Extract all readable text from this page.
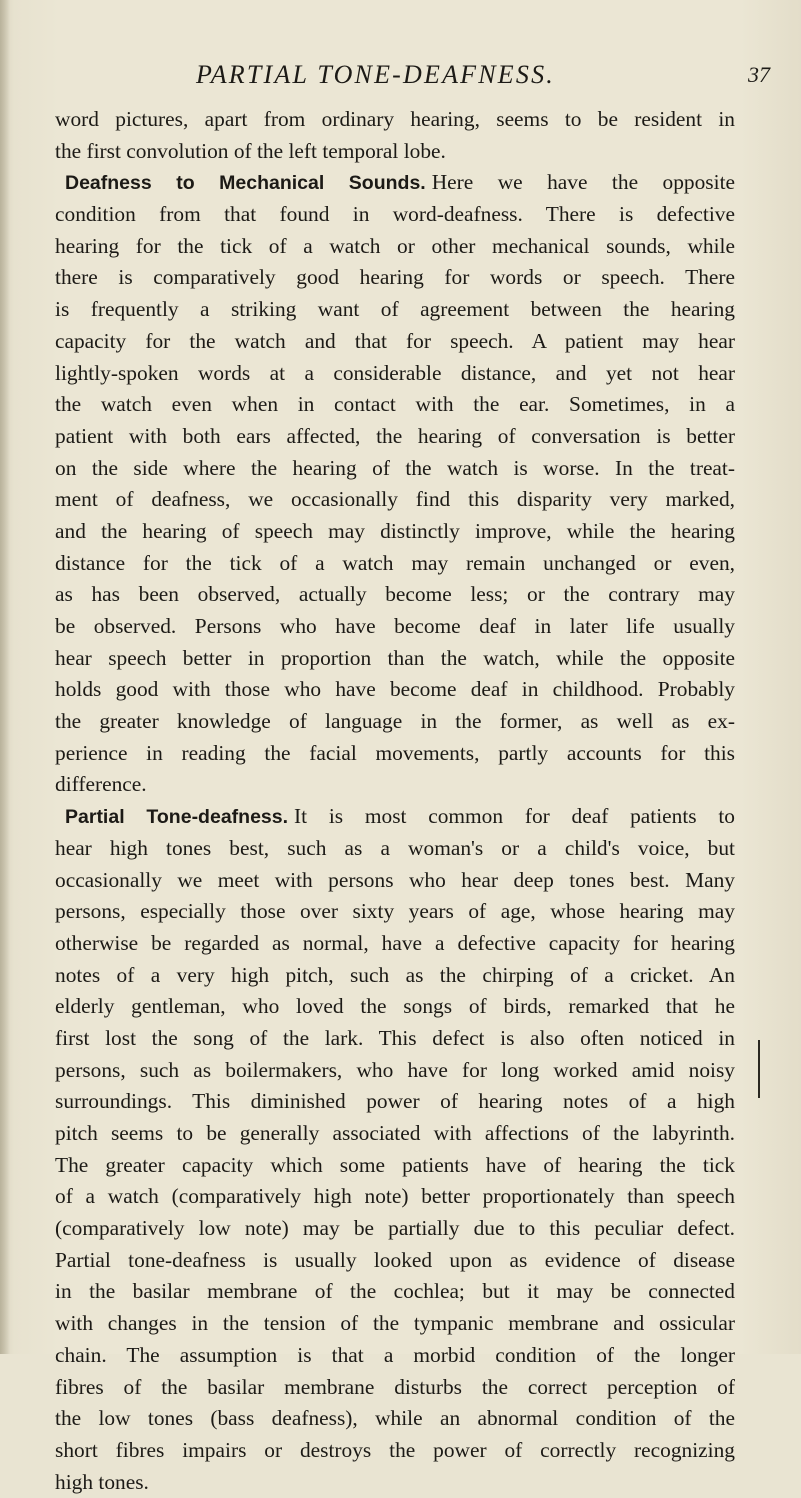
PARTIAL TONE-DEAFNESS.	37
word pictures, apart from ordinary hearing, seems to be resident in
the first convolution of the left temporal lobe.
Deafness to Mechanical Sounds. Here we have the opposite
condition from that found in word-deafness. There is defective
hearing for the tick of a watch or other mechanical sounds, while
there is comparatively good hearing for words or speech. There
is frequently a striking want of agreement between the hearing
capacity for the watch and that for speech. A patient may hear
lightly-spoken words at a considerable distance, and yet not hear
the watch even when in contact with the ear. Sometimes, in a
patient with both ears affected, the hearing of conversation is better
on the side where the hearing of the watch is worse. In the treat-
ment of deafness, we occasionally find this disparity very marked,
and the hearing of speech may distinctly improve, while the hearing
distance for the tick of a watch may remain unchanged or even,
as has been observed, actually become less; or the contrary may
be observed. Persons who have become deaf in later life usually
hear speech better in proportion than the watch, while the opposite
holds good with those who have become deaf in childhood. Probably
the greater knowledge of language in the former, as well as ex-
perience in reading the facial movements, partly accounts for this
difference.
Partial Tone-deafness. It is most common for deaf patients to
hear high tones best, such as a woman's or a child's voice, but
occasionally we meet with persons who hear deep tones best. Many
persons, especially those over sixty years of age, whose hearing may
otherwise be regarded as normal, have a defective capacity for hearing
notes of a very high pitch, such as the chirping of a cricket. An
elderly gentleman, who loved the songs of birds, remarked that he
first lost the song of the lark. This defect is also often noticed in
persons, such as boilermakers, who have for long worked amid noisy
surroundings. This diminished power of hearing notes of a high
pitch seems to be generally associated with affections of the labyrinth.
The greater capacity which some patients have of hearing the tick
of a watch (comparatively high note) better proportionately than speech
(comparatively low note) may be partially due to this peculiar defect.
Partial tone-deafness is usually looked upon as evidence of disease
in the basilar membrane of the cochlea; but it may be connected
with changes in the tension of the tympanic membrane and ossicular
chain. The assumption is that a morbid condition of the longer
fibres of the basilar membrane disturbs the correct perception of
the low tones (bass deafness), while an abnormal condition of the
short fibres impairs or destroys the power of correctly recognizing
high tones.
